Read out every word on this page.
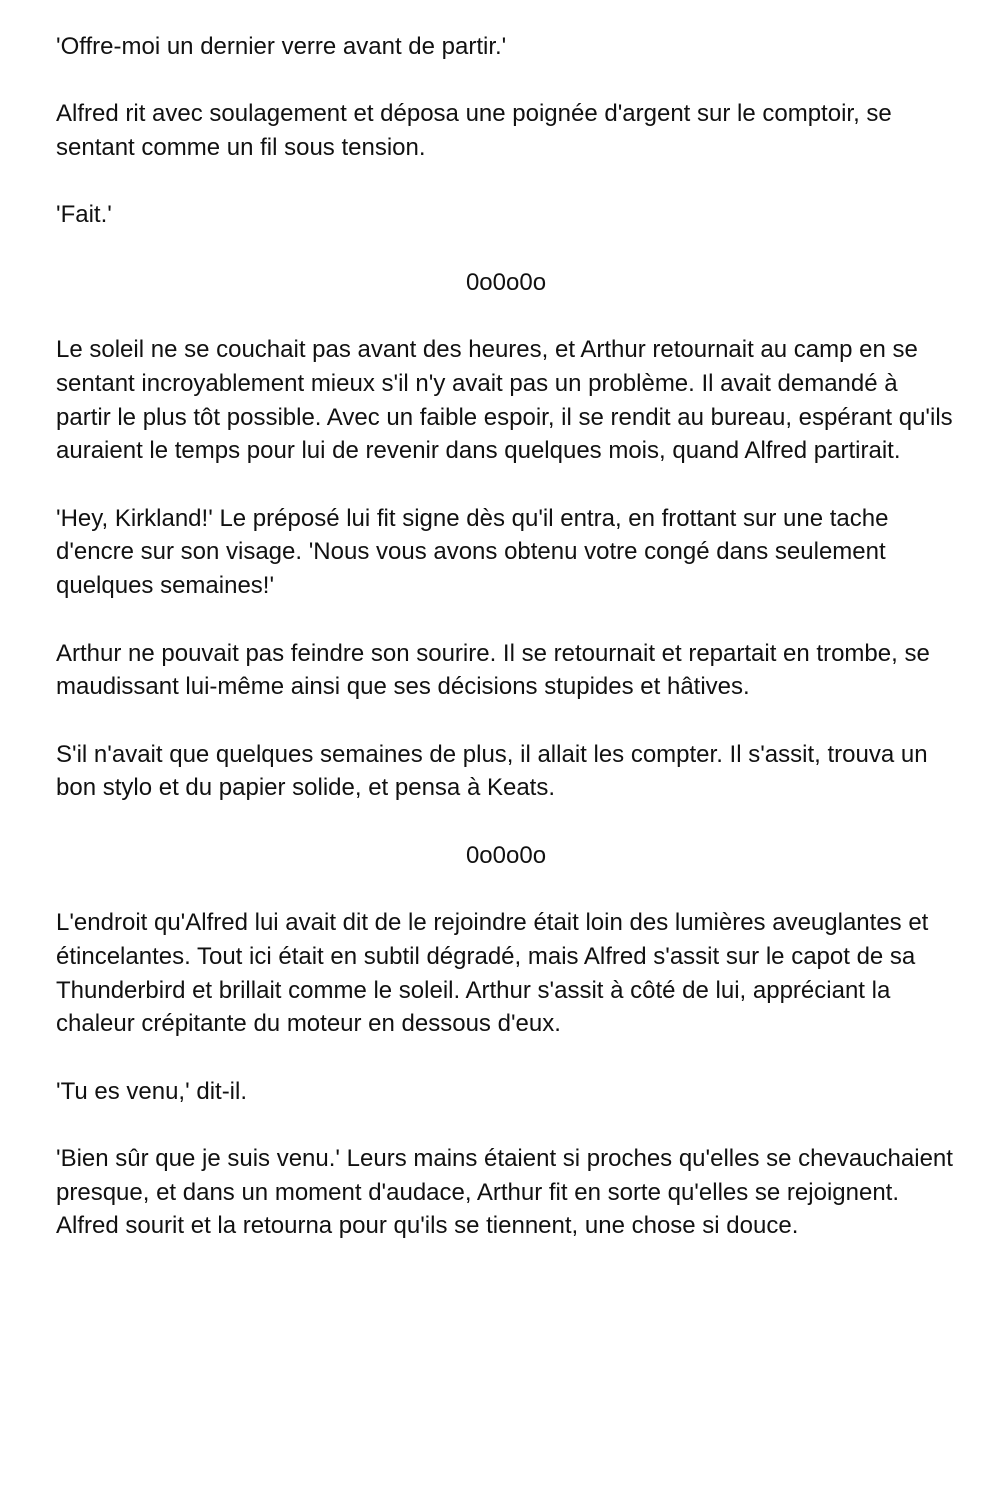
'Offre-moi un dernier verre avant de partir.'

Alfred rit avec soulagement et déposa une poignée d'argent sur le comptoir, se sentant comme un fil sous tension.

'Fait.'

0o0o0o

Le soleil ne se couchait pas avant des heures, et Arthur retournait au camp en se sentant incroyablement mieux s'il n'y avait pas un problème. Il avait demandé à partir le plus tôt possible. Avec un faible espoir, il se rendit au bureau, espérant qu'ils auraient le temps pour lui de revenir dans quelques mois, quand Alfred partirait.

'Hey, Kirkland!' Le préposé lui fit signe dès qu'il entra, en frottant sur une tache d'encre sur son visage. 'Nous vous avons obtenu votre congé dans seulement quelques semaines!'

Arthur ne pouvait pas feindre son sourire. Il se retournait et repartait en trombe, se maudissant lui-même ainsi que ses décisions stupides et hâtives.

S'il n'avait que quelques semaines de plus, il allait les compter. Il s'assit, trouva un bon stylo et du papier solide, et pensa à Keats.

0o0o0o

L'endroit qu'Alfred lui avait dit de le rejoindre était loin des lumières aveuglantes et étincelantes. Tout ici était en subtil dégradé, mais Alfred s'assit sur le capot de sa Thunderbird et brillait comme le soleil. Arthur s'assit à côté de lui, appréciant la chaleur crépitante du moteur en dessous d'eux.

'Tu es venu,' dit-il.

'Bien sûr que je suis venu.' Leurs mains étaient si proches qu'elles se chevauchaient presque, et dans un moment d'audace, Arthur fit en sorte qu'elles se rejoignent. Alfred sourit et la retourna pour qu'ils se tiennent, une chose si douce.
